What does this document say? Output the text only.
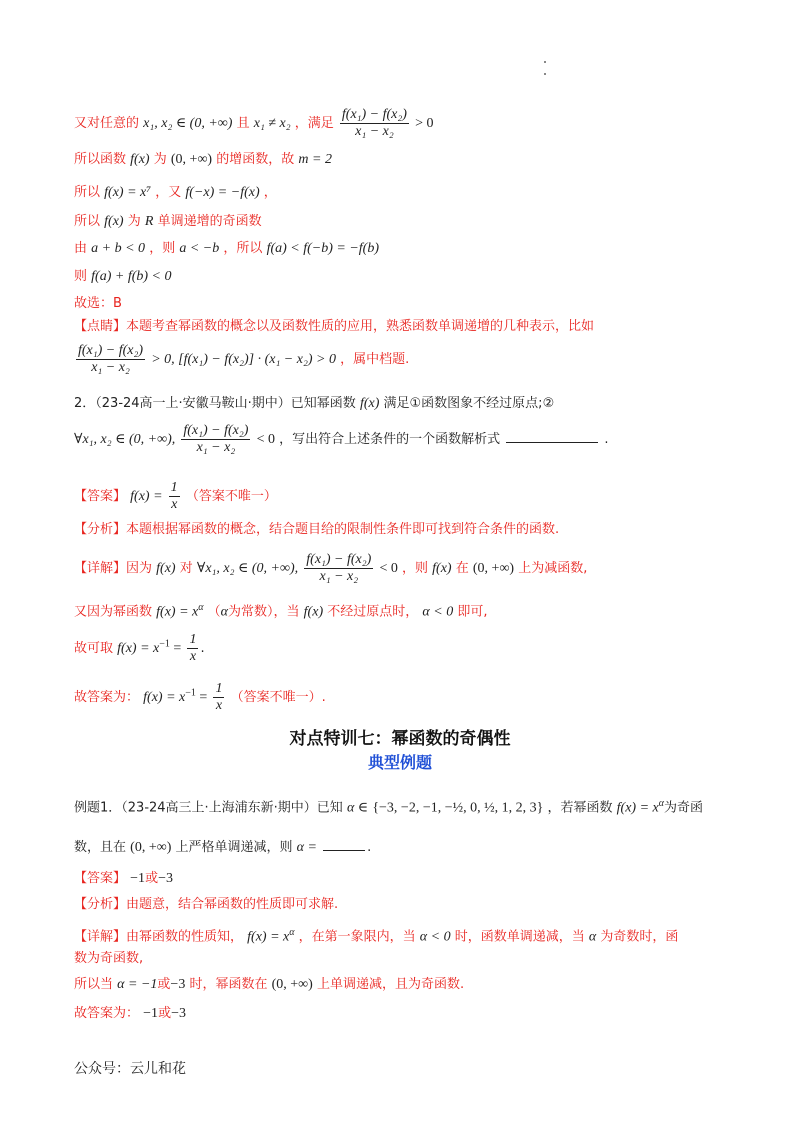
又对任意的 x₁, x₂ ∈ (0, +∞) 且 x₁ ≠ x₂ ，满足 $\frac{\text{f(x₁) − f(x₂)}}{\text{x₁ − x₂}} > 0$
所以函数 f(x) 为 (0, +∞) 的增函数，故 m = 2
所以 f(x) = x⁷ ，又 f(−x) = −f(x) ，
所以 f(x) 为 R 单调递增的奇函数
由 a + b < 0 ，则 a < −b ，所以 f(a) < f(−b) = −f(b)
则 f(a) + f(b) < 0
故选：B
【点睛】本题考查幂函数的概念以及函数性质的应用，熟悉函数单调递增的几种表示，比如
$\frac{\text{f(x₁) − f(x₂)}}{\text{x₁ − x₂}} > 0$, [f(x₁) − f(x₂)] · (x₁ − x₂) > 0 ，属中档题.
2．（23-24高一上·安徽马鞍山·期中）已知幂函数 f(x) 满足①函数图象不经过原点;②
∀x₁, x₂ ∈ (0, +∞), $\frac{\text{f(x₁) − f(x₂)}}{\text{x₁ − x₂}} < 0$ ，写出符合上述条件的一个函数解析式	.
【答案】 $f(x) = \frac{1}{x}$ （答案不唯一）
【分析】本题根据幂函数的概念，结合题目给的限制性条件即可找到符合条件的函数.
【详解】因为 f(x) 对 ∀x₁, x₂ ∈ (0, +∞), $\frac{\text{f(x₁) − f(x₂)}}{\text{x₁ − x₂}} < 0$ ，则 f(x) 在 (0, +∞) 上为减函数,
又因为幂函数 $f(x) = x^\alpha$ （α为常数），当 f(x) 不经过原点时， α < 0 即可,
故可取 $f(x) = x^{-1} = \frac{1}{x}$ .
故答案为： $f(x) = x^{-1} = \frac{1}{x}$ （答案不唯一）.
对点特训七：幂函数的奇偶性
典型例题
例题1．（23-24高三上·上海浦东新·期中）已知 α ∈ {−3, −2, −1, −½, 0, ½, 1, 2, 3} ，若幂函数 $f(x) = x^\alpha$为奇函
数，且在 (0, +∞) 上严格单调递减，则 α =	.
【答案】 −1或−3
【分析】由题意，结合幂函数的性质即可求解.
【详解】由幂函数的性质知， $f(x) = x^\alpha$ ，在第一象限内，当 α < 0 时，函数单调递减，当 α 为奇数时，函
数为奇函数,
所以当 α = −1或−3 时，幂函数在 (0, +∞) 上单调递减，且为奇函数.
故答案为： −1或−3
公众号：云儿和花
